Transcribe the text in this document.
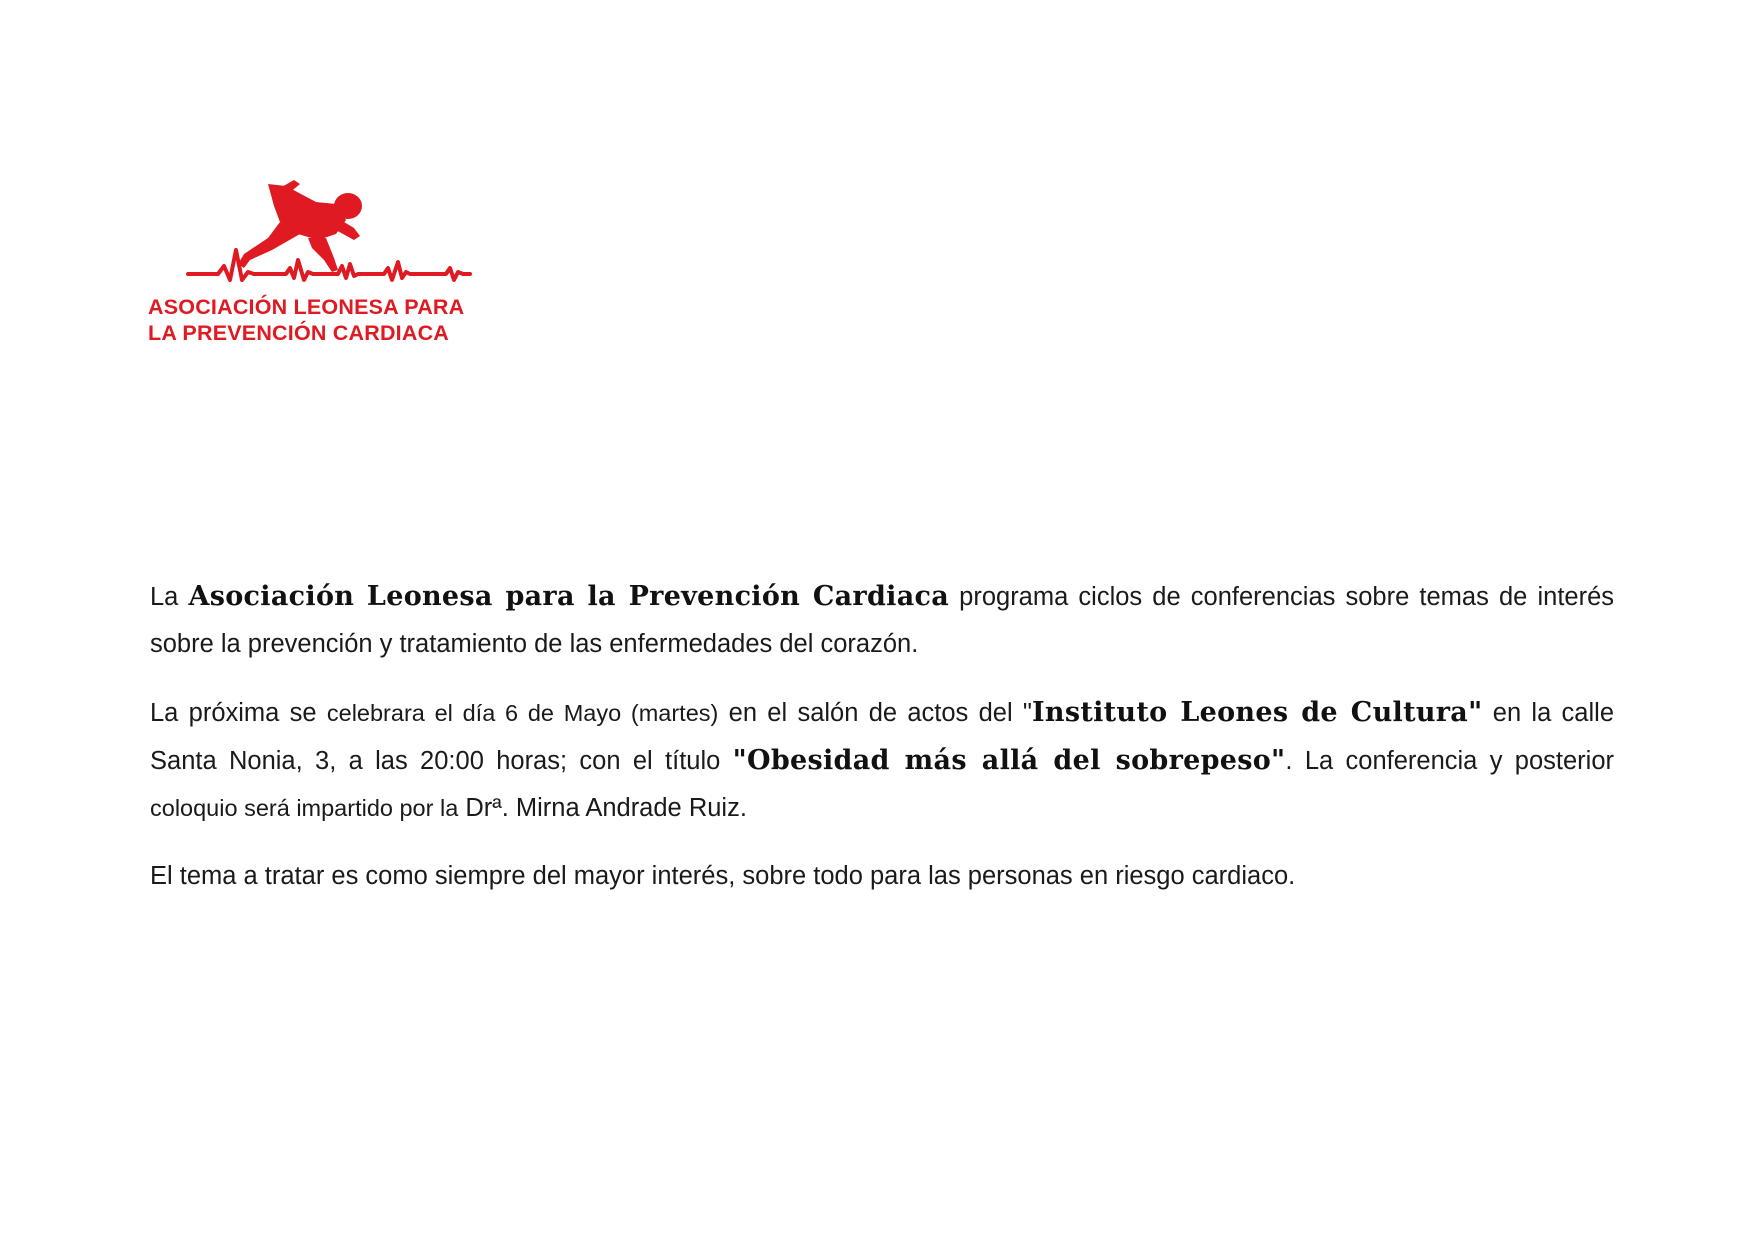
ASOCIACIÓN LEONESA PARA
LA PREVENCIÓN CARDIACA

La Asociación Leonesa para la Prevención Cardiaca programa ciclos de conferencias sobre temas de interés sobre la prevención y tratamiento de las enfermedades del corazón.

La próxima se celebrara el día 6 de Mayo (martes) en el salón de actos del "Instituto Leones de Cultura" en la calle Santa Nonia, 3, a las 20:00 horas; con el título "Obesidad más allá del sobrepeso". La conferencia y posterior coloquio será impartido por la Drª. Mirna Andrade Ruiz.

El tema a tratar es como siempre del mayor interés, sobre todo para las personas en riesgo cardiaco.
